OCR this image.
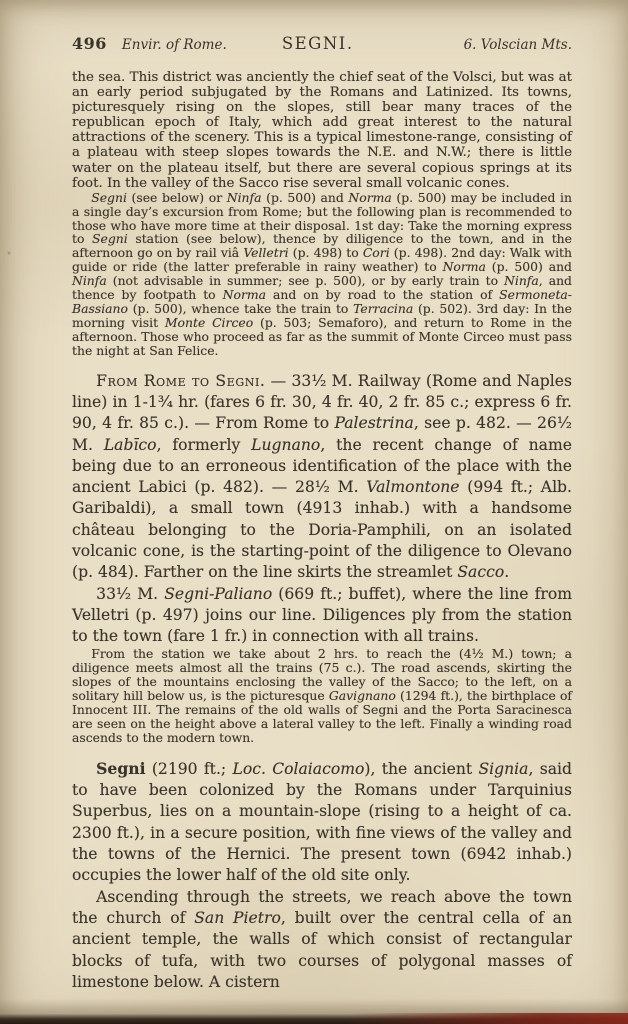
496 Envir. of Rome.	SEGNI.	6. Volscian Mts.

the sea. This district was anciently the chief seat of the Volsci, but was at an early period subjugated by the Romans and Latinized. Its towns, picturesquely rising on the slopes, still bear many traces of the republican epoch of Italy, which add great interest to the natural attractions of the scenery. This is a typical limestone-range, consisting of a plateau with steep slopes towards the N.E. and N.W.; there is little water on the plateau itself, but there are several copious springs at its foot. In the valley of the Sacco rise several small volcanic cones.

Segni (see below) or Ninfa (p. 500) and Norma (p. 500) may be included in a single day’s excursion from Rome; but the following plan is recommended to those who have more time at their disposal. 1st day: Take the morning express to Segni station (see below), thence by diligence to the town, and in the afternoon go on by rail viâ Velletri (p. 498) to Cori (p. 498). 2nd day: Walk with guide or ride (the latter preferable in rainy weather) to Norma (p. 500) and Ninfa (not advisable in summer; see p. 500), or by early train to Ninfa, and thence by footpath to Norma and on by road to the station of Sermoneta-Bassiano (p. 500), whence take the train to Terracina (p. 502). 3rd day: In the morning visit Monte Circeo (p. 503; Semaforo), and return to Rome in the afternoon. Those who proceed as far as the summit of Monte Circeo must pass the night at San Felice.

From Rome to Segni. — 33¹⁄₂ M. Railway (Rome and Naples line) in 1-1³⁄₄ hr. (fares 6 fr. 30, 4 fr. 40, 2 fr. 85 c.; express 6 fr. 90, 4 fr. 85 c.). — From Rome to Palestrina, see p. 482. — 26¹⁄₂ M. Labīco, formerly Lugnano, the recent change of name being due to an erroneous identification of the place with the ancient Labici (p. 482). — 28¹⁄₂ M. Valmontone (994 ft.; Alb. Garibaldi), a small town (4913 inhab.) with a handsome château belonging to the Doria-Pamphili, on an isolated volcanic cone, is the starting-point of the diligence to Olevano (p. 484). Farther on the line skirts the streamlet Sacco.

33¹⁄₂ M. Segni-Paliano (669 ft.; buffet), where the line from Velletri (p. 497) joins our line. Diligences ply from the station to the town (fare 1 fr.) in connection with all trains.

From the station we take about 2 hrs. to reach the (4¹⁄₂ M.) town; a diligence meets almost all the trains (75 c.). The road ascends, skirting the slopes of the mountains enclosing the valley of the Sacco; to the left, on a solitary hill below us, is the picturesque Gavignano (1294 ft.), the birthplace of Innocent III. The remains of the old walls of Segni and the Porta Saracinesca are seen on the height above a lateral valley to the left. Finally a winding road ascends to the modern town.

Segni (2190 ft.; Loc. Colaiacomo), the ancient Signia, said to have been colonized by the Romans under Tarquinius Superbus, lies on a mountain-slope (rising to a height of ca. 2300 ft.), in a secure position, with fine views of the valley and the towns of the Hernici. The present town (6942 inhab.) occupies the lower half of the old site only.

Ascending through the streets, we reach above the town the church of San Pietro, built over the central cella of an ancient temple, the walls of which consist of rectangular blocks of tufa, with two courses of polygonal masses of limestone below. A cistern
